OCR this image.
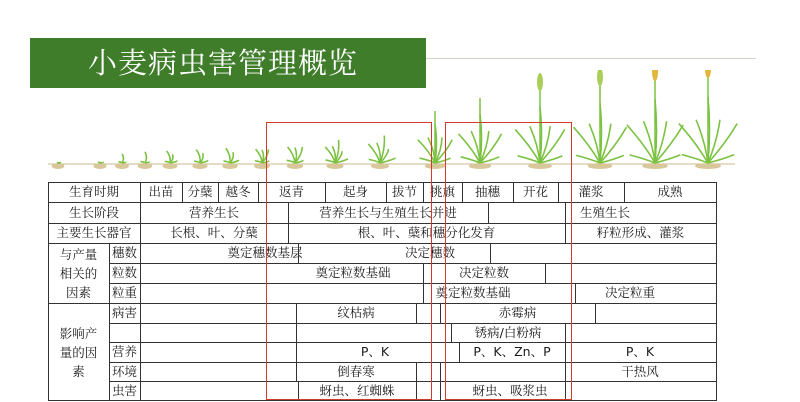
小麦病虫害管理概览
生育时期	出苗	分蘖	越冬	返青	起身	拔节	挑旗	抽穗	开花	灌浆	成熟
生长阶段	营养生长	营养生长与生殖生长并进	生殖生长
主要生长器官	长根、叶、分蘖	根、叶、蘖和穗分化发育	籽粒形成、灌浆
与产量
相关的
因素
穗数	奠定穗数基层	决定穗数
粒数	奠定粒数基础	决定粒数
粒重	奠定粒数基础	决定粒重
影响产
量的因
素
病害	纹枯病	赤霉病
锈病/白粉病
营养	P、K	P、K、Zn、P	P、K
环境	倒春寒	干热风
虫害	蚜虫、红蜘蛛	蚜虫、吸浆虫
